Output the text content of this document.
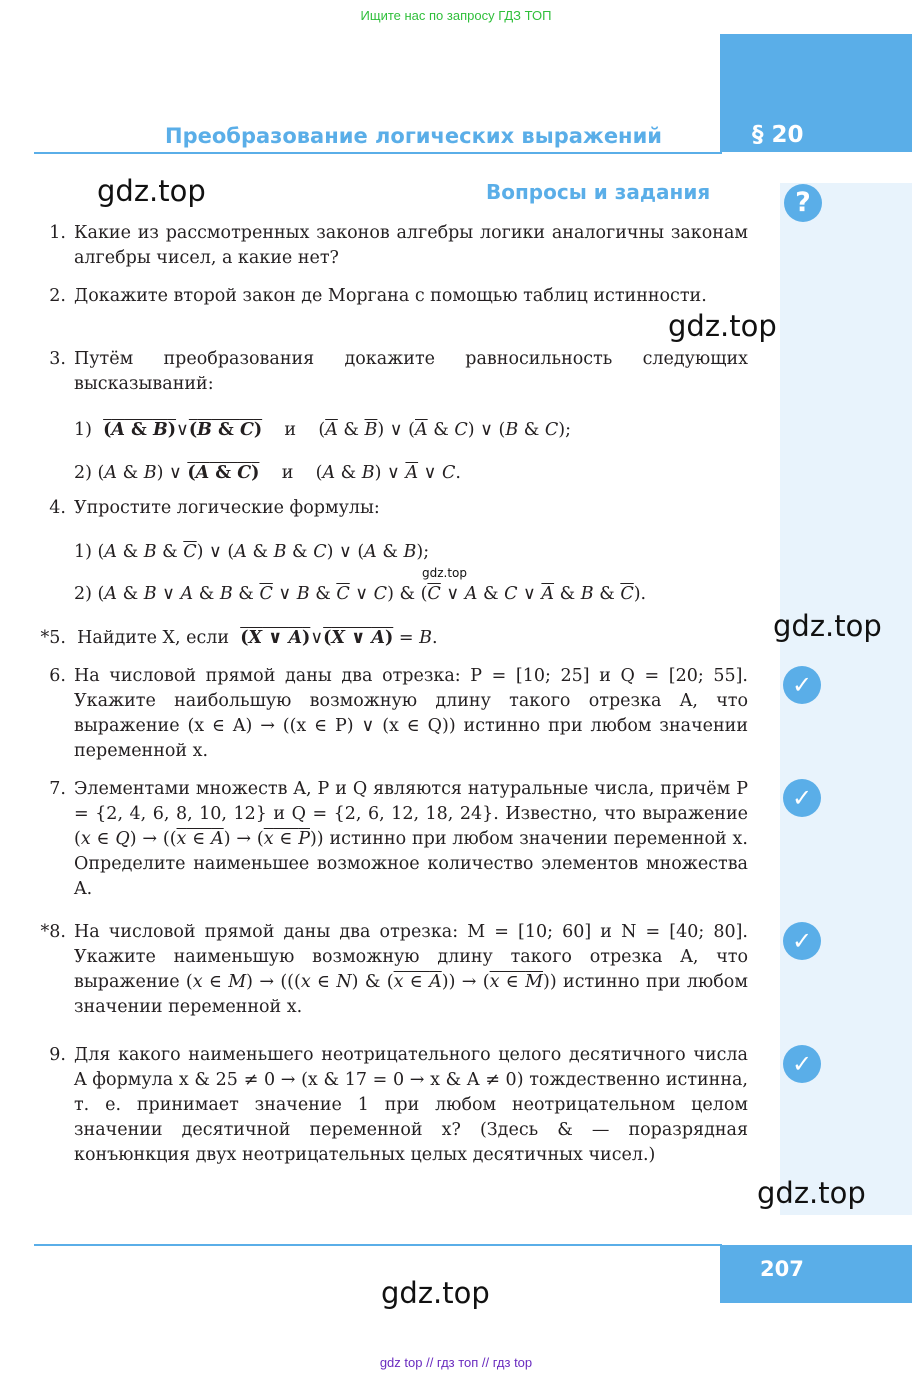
Ищите нас по запросу ГДЗ ТОП
§ 20
Преобразование логических выражений
gdz.top	Вопросы и задания	?
1. Какие из рассмотренных законов алгебры логики аналогичны законам алгебры чисел, а какие нет?
2. Докажите второй закон де Моргана с помощью таблиц истинности.
gdz.top
3. Путём преобразования докажите равносильность следующих высказываний:
1) (A & B)∨(B & C) и    ($\overline{A}$ & $\overline{B}$) ∨ ($\overline{A}$ & C) ∨ (B & C);
2) (A & B) ∨ (A & C) и    (A & B) ∨ $\overline{A}$ ∨ C.
4. Упростите логические формулы:
1) (A & B & $\overline{C}$) ∨ (A & B & C) ∨ (A & B);
gdz.top
2) (A & B ∨ A & B & $\overline{C}$ ∨ B & $\overline{C}$ ∨ C) & ($\overline{C}$ ∨ A & C ∨ $\overline{A}$ & B & $\overline{C}$).
*5. Найдите X, если (X ∨ A)∨(X ∨ A) = B.	gdz.top
6. На числовой прямой даны два отрезка: P = [10; 25] и Q = [20; 55]. Укажите наибольшую возможную длину такого отрезка A, что выражение (x ∈ A) → ((x ∈ P) ∨ (x ∈ Q)) истинно при любом значении переменной x.
✓
7. Элементами множеств A, P и Q являются натуральные числа, причём P = {2, 4, 6, 8, 10, 12} и Q = {2, 6, 12, 18, 24}. Известно, что выражение (x ∈ Q) → ((x ∈ A) → (x ∈ P)) истинно при любом значении переменной x. Определите наименьшее возможное количество элементов множества A.
✓
*8. На числовой прямой даны два отрезка: M = [10; 60] и N = [40; 80]. Укажите наименьшую возможную длину такого отрезка A, что выражение (x ∈ M) → (((x ∈ N) & (x ∈ A)) → (x ∈ M)) истинно при любом значении переменной x.
✓
9. Для какого наименьшего неотрицательного целого десятичного числа A формула x & 25 ≠ 0 → (x & 17 = 0 → x & A ≠ 0) тождественно истинна, т. е. принимает значение 1 при любом неотрицательном целом значении десятичной переменной x? (Здесь & — поразрядная конъюнкция двух неотрицательных целых десятичных чисел.)
✓
gdz.top
207
gdz.top
gdz top // гдз топ // гдз top
